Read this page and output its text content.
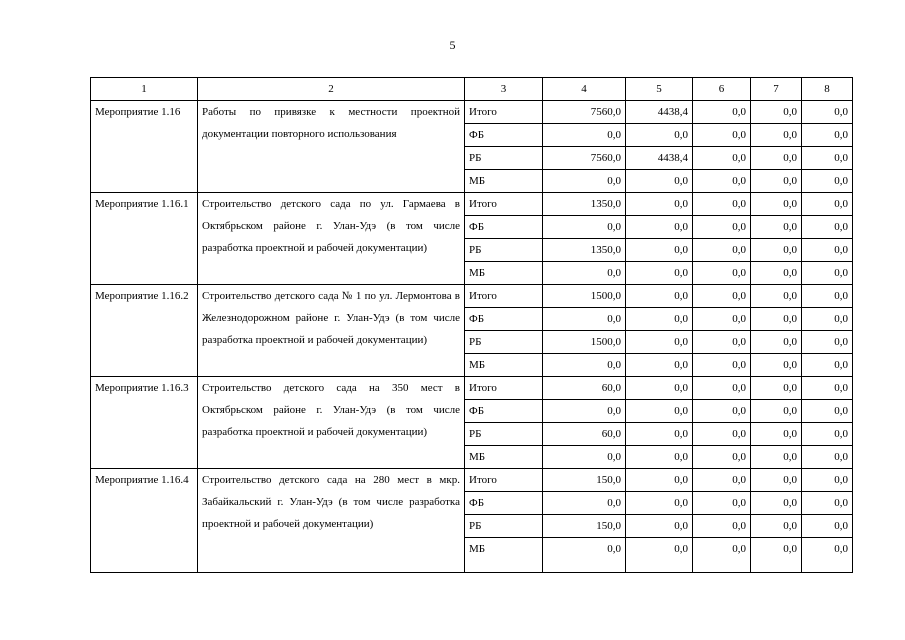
5
1	2	3	4	5	6	7	8
Мероприятие 1.16	Работы по привязке к местности проектной документации повторного использования	Итого	7560,0	4438,4	0,0	0,0	0,0
		ФБ	0,0	0,0	0,0	0,0	0,0
		РБ	7560,0	4438,4	0,0	0,0	0,0
		МБ	0,0	0,0	0,0	0,0	0,0
Мероприятие 1.16.1	Строительство детского сада по ул. Гармаева в Октябрьском районе г. Улан-Удэ (в том числе разработка проектной и рабочей документации)	Итого	1350,0	0,0	0,0	0,0	0,0
		ФБ	0,0	0,0	0,0	0,0	0,0
		РБ	1350,0	0,0	0,0	0,0	0,0
		МБ	0,0	0,0	0,0	0,0	0,0
Мероприятие 1.16.2	Строительство детского сада № 1 по ул. Лермонтова в Железнодорожном районе г. Улан-Удэ (в том числе разработка проектной и рабочей документации)	Итого	1500,0	0,0	0,0	0,0	0,0
		ФБ	0,0	0,0	0,0	0,0	0,0
		РБ	1500,0	0,0	0,0	0,0	0,0
		МБ	0,0	0,0	0,0	0,0	0,0
Мероприятие 1.16.3	Строительство детского сада на 350 мест в Октябрьском районе г. Улан-Удэ (в том числе разработка проектной и рабочей документации)	Итого	60,0	0,0	0,0	0,0	0,0
		ФБ	0,0	0,0	0,0	0,0	0,0
		РБ	60,0	0,0	0,0	0,0	0,0
		МБ	0,0	0,0	0,0	0,0	0,0
Мероприятие 1.16.4	Строительство детского сада на 280 мест в мкр. Забайкальский г. Улан-Удэ (в том числе разработка проектной и рабочей документации)	Итого	150,0	0,0	0,0	0,0	0,0
		ФБ	0,0	0,0	0,0	0,0	0,0
		РБ	150,0	0,0	0,0	0,0	0,0
		МБ	0,0	0,0	0,0	0,0	0,0
